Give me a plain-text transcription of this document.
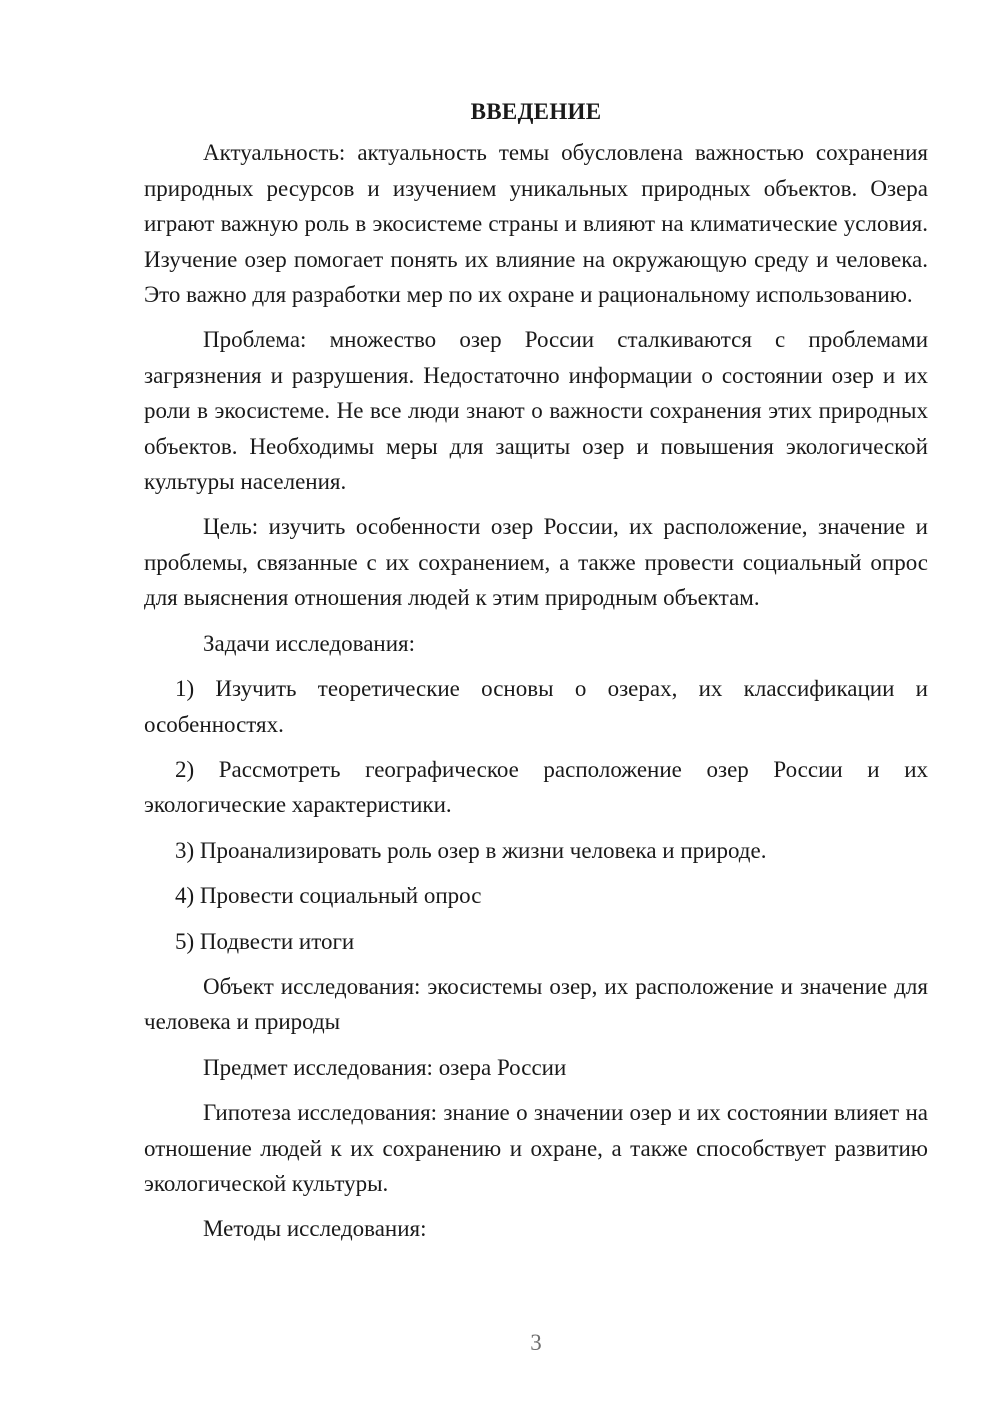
ВВЕДЕНИЕ

Актуальность: актуальность темы обусловлена важностью сохранения природных ресурсов и изучением уникальных природных объектов. Озера играют важную роль в экосистеме страны и влияют на климатические условия. Изучение озер помогает понять их влияние на окружающую среду и человека. Это важно для разработки мер по их охране и рациональному использованию.

Проблема: множество озер России сталкиваются с проблемами загрязнения и разрушения. Недостаточно информации о состоянии озер и их роли в экосистеме. Не все люди знают о важности сохранения этих природных объектов. Необходимы меры для защиты озер и повышения экологической культуры населения.

Цель: изучить особенности озер России, их расположение, значение и проблемы, связанные с их сохранением, а также провести социальный опрос для выяснения отношения людей к этим природным объектам.

Задачи исследования:

1) Изучить теоретические основы о озерах, их классификации и особенностях.

2) Рассмотреть географическое расположение озер России и их экологические характеристики.

3) Проанализировать роль озер в жизни человека и природе.

4) Провести социальный опрос

5) Подвести итоги

Объект исследования: экосистемы озер, их расположение и значение для человека и природы

Предмет исследования: озера России

Гипотеза исследования: знание о значении озер и их состоянии влияет на отношение людей к их сохранению и охране, а также способствует развитию экологической культуры.

Методы исследования:

3
